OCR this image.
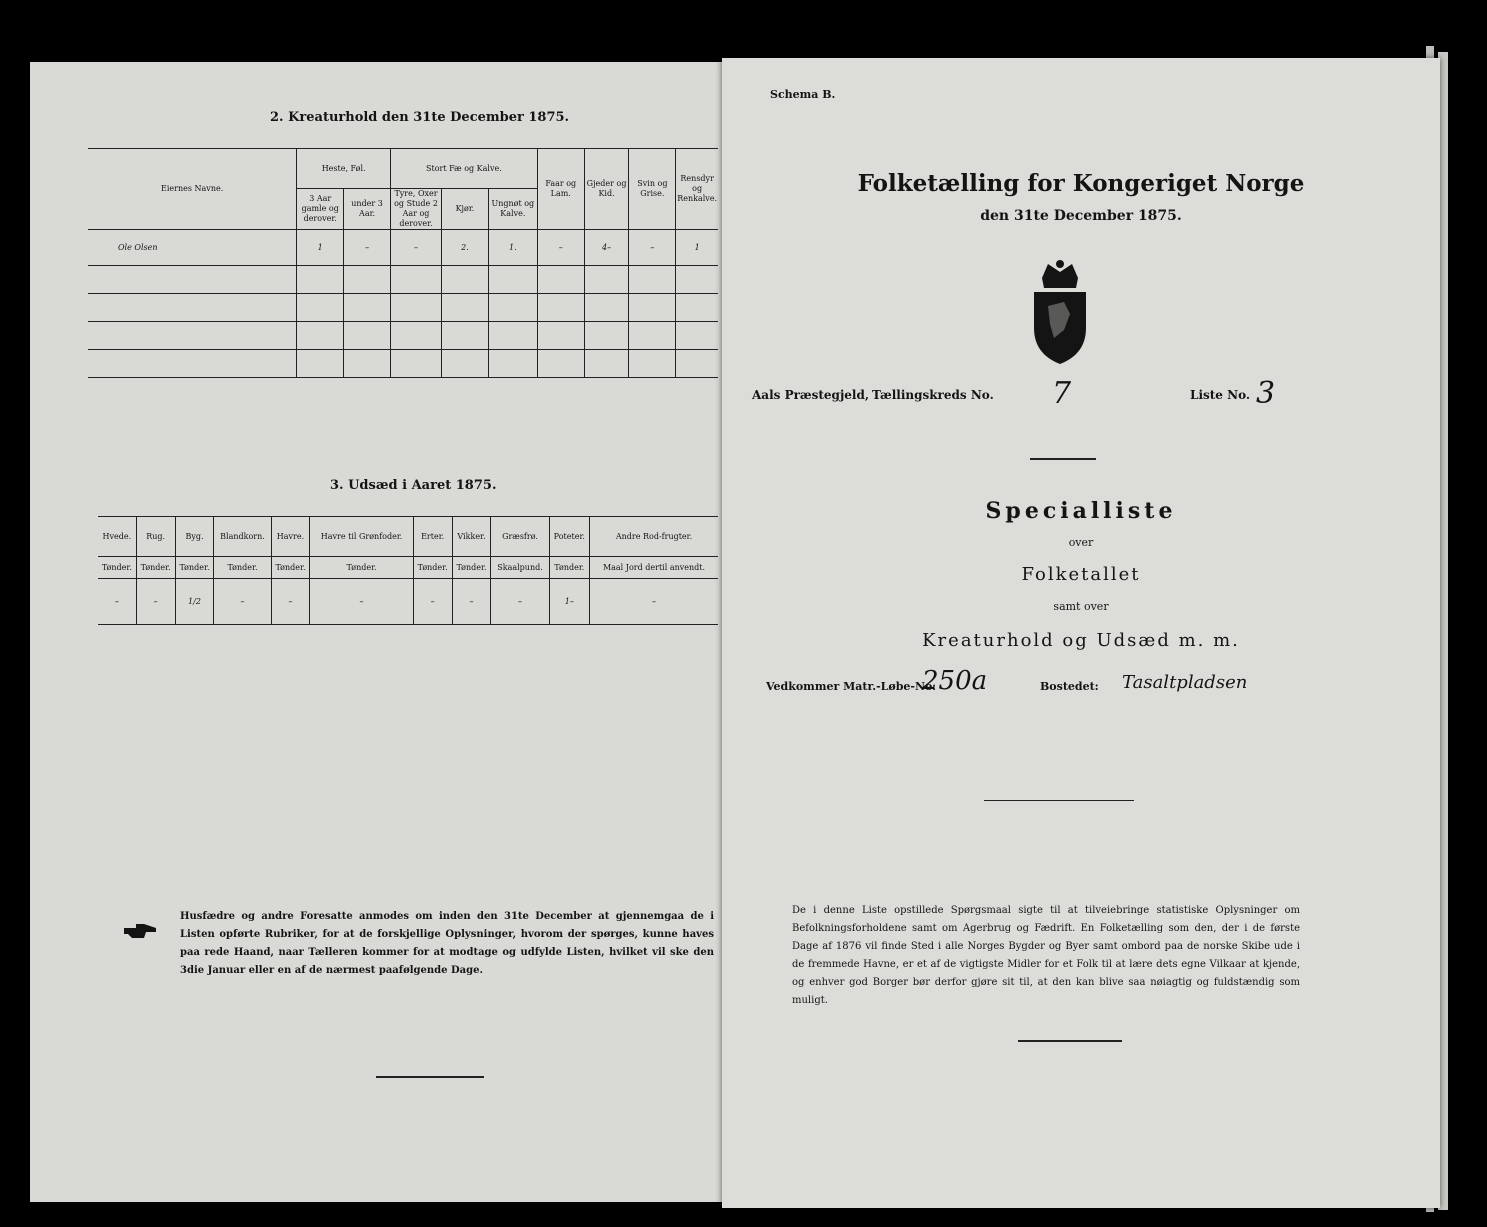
2. Kreaturhold den 31te December 1875.
Eiernes Navne.	Heste, Føl.		Stort Fæ og Kalve.			Faar og Lam.	Gjeder og Kid.	Svin og Grise.	Rensdyr og Renkalve.
	3 Aar gamle og derover.	under 3 Aar.	Tyre, Oxer og Stude 2 Aar og derover.	Kjør.	Ungnøt og Kalve.				
Ole Olsen	1	–	–	2.	1.	–	4–	–	1

3. Udsæd i Aaret 1875.
Hvede.	Rug.	Byg.	Blandkorn.	Havre.	Havre til Grønfoder.	Erter.	Vikker.	Græsfrø.	Poteter.	Andre Rod-frugter.
Tønder.	Tønder.	Tønder.	Tønder.	Tønder.	Tønder.	Tønder.	Tønder.	Skaalpund.	Tønder.	Maal Jord dertil anvendt.
–	–	1/2	–	–	–	–	–	–	1–	–
Husfædre og andre Foresatte anmodes om inden den 31te December at gjennemgaa de i Listen opførte Rubriker, for at de forskjellige Oplysninger, hvorom der spørges, kunne haves paa rede Haand, naar Tælleren kommer for at modtage og udfylde Listen, hvilket vil ske den 3die Januar eller en af de nærmest paafølgende Dage.
Schema B.
Folketælling for Kongeriget Norge
den 31te December 1875.
Aals Præstegjeld, Tællingskreds No. 7	Liste No. 3
Specialliste
over
Folketallet
samt over
Kreaturhold og Udsæd m. m.
Vedkommer Matr.-Løbe-No.
250a	Bostedet: Tasaltpladsen
De i denne Liste opstillede Spørgsmaal sigte til at tilveiebringe statistiske Oplysninger om Befolkningsforholdene samt om Agerbrug og Fædrift. En Folketælling som den, der i de første Dage af 1876 vil finde Sted i alle Norges Bygder og Byer samt ombord paa de norske Skibe ude i de fremmede Havne, er et af de vigtigste Midler for et Folk til at lære dets egne Vilkaar at kjende, og enhver god Borger bør derfor gjøre sit til, at den kan blive saa nøiagtig og fuldstændig som muligt.
